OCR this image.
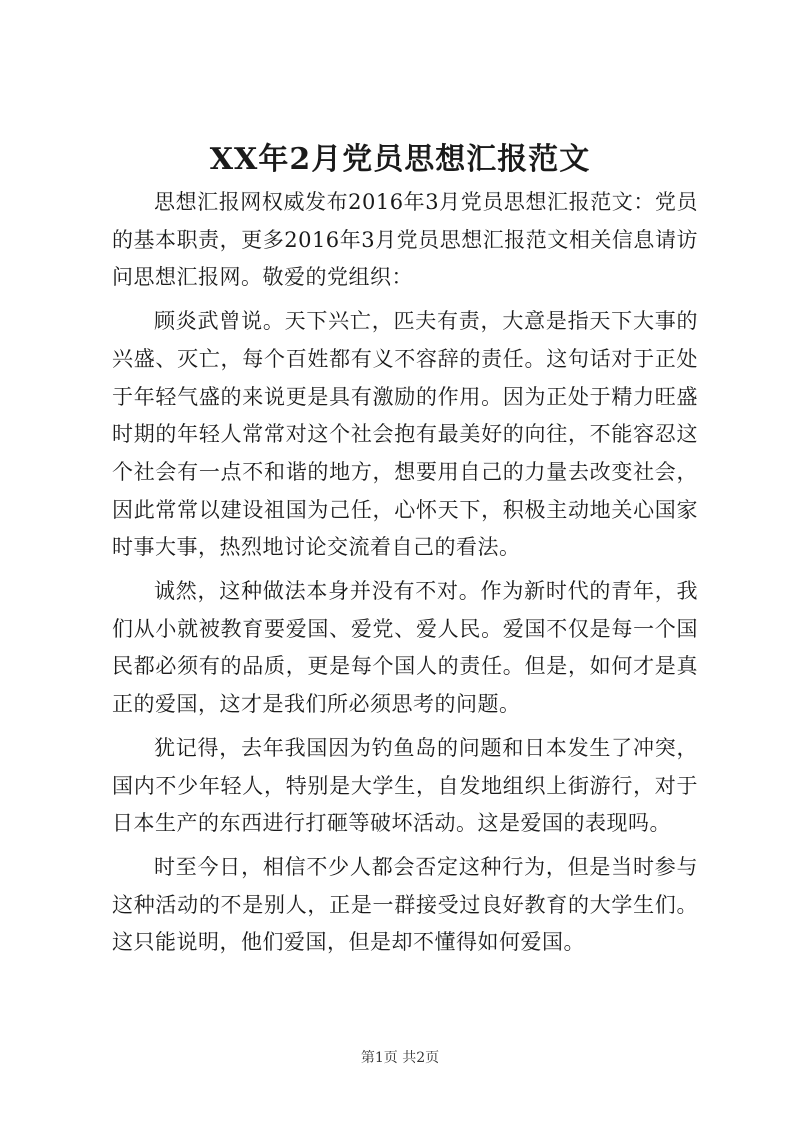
XX年2月党员思想汇报范文

思想汇报网权威发布2016年3月党员思想汇报范文：党员的基本职责，更多2016年3月党员思想汇报范文相关信息请访问思想汇报网。敬爱的党组织：

顾炎武曾说。天下兴亡，匹夫有责，大意是指天下大事的兴盛、灭亡，每个百姓都有义不容辞的责任。这句话对于正处于年轻气盛的来说更是具有激励的作用。因为正处于精力旺盛时期的年轻人常常对这个社会抱有最美好的向往，不能容忍这个社会有一点不和谐的地方，想要用自己的力量去改变社会，因此常常以建设祖国为己任，心怀天下，积极主动地关心国家时事大事，热烈地讨论交流着自己的看法。

诚然，这种做法本身并没有不对。作为新时代的青年，我们从小就被教育要爱国、爱党、爱人民。爱国不仅是每一个国民都必须有的品质，更是每个国人的责任。但是，如何才是真正的爱国，这才是我们所必须思考的问题。

犹记得，去年我国因为钓鱼岛的问题和日本发生了冲突，国内不少年轻人，特别是大学生，自发地组织上街游行，对于日本生产的东西进行打砸等破坏活动。这是爱国的表现吗。

时至今日，相信不少人都会否定这种行为，但是当时参与这种活动的不是别人，正是一群接受过良好教育的大学生们。这只能说明，他们爱国，但是却不懂得如何爱国。

第1页 共2页
